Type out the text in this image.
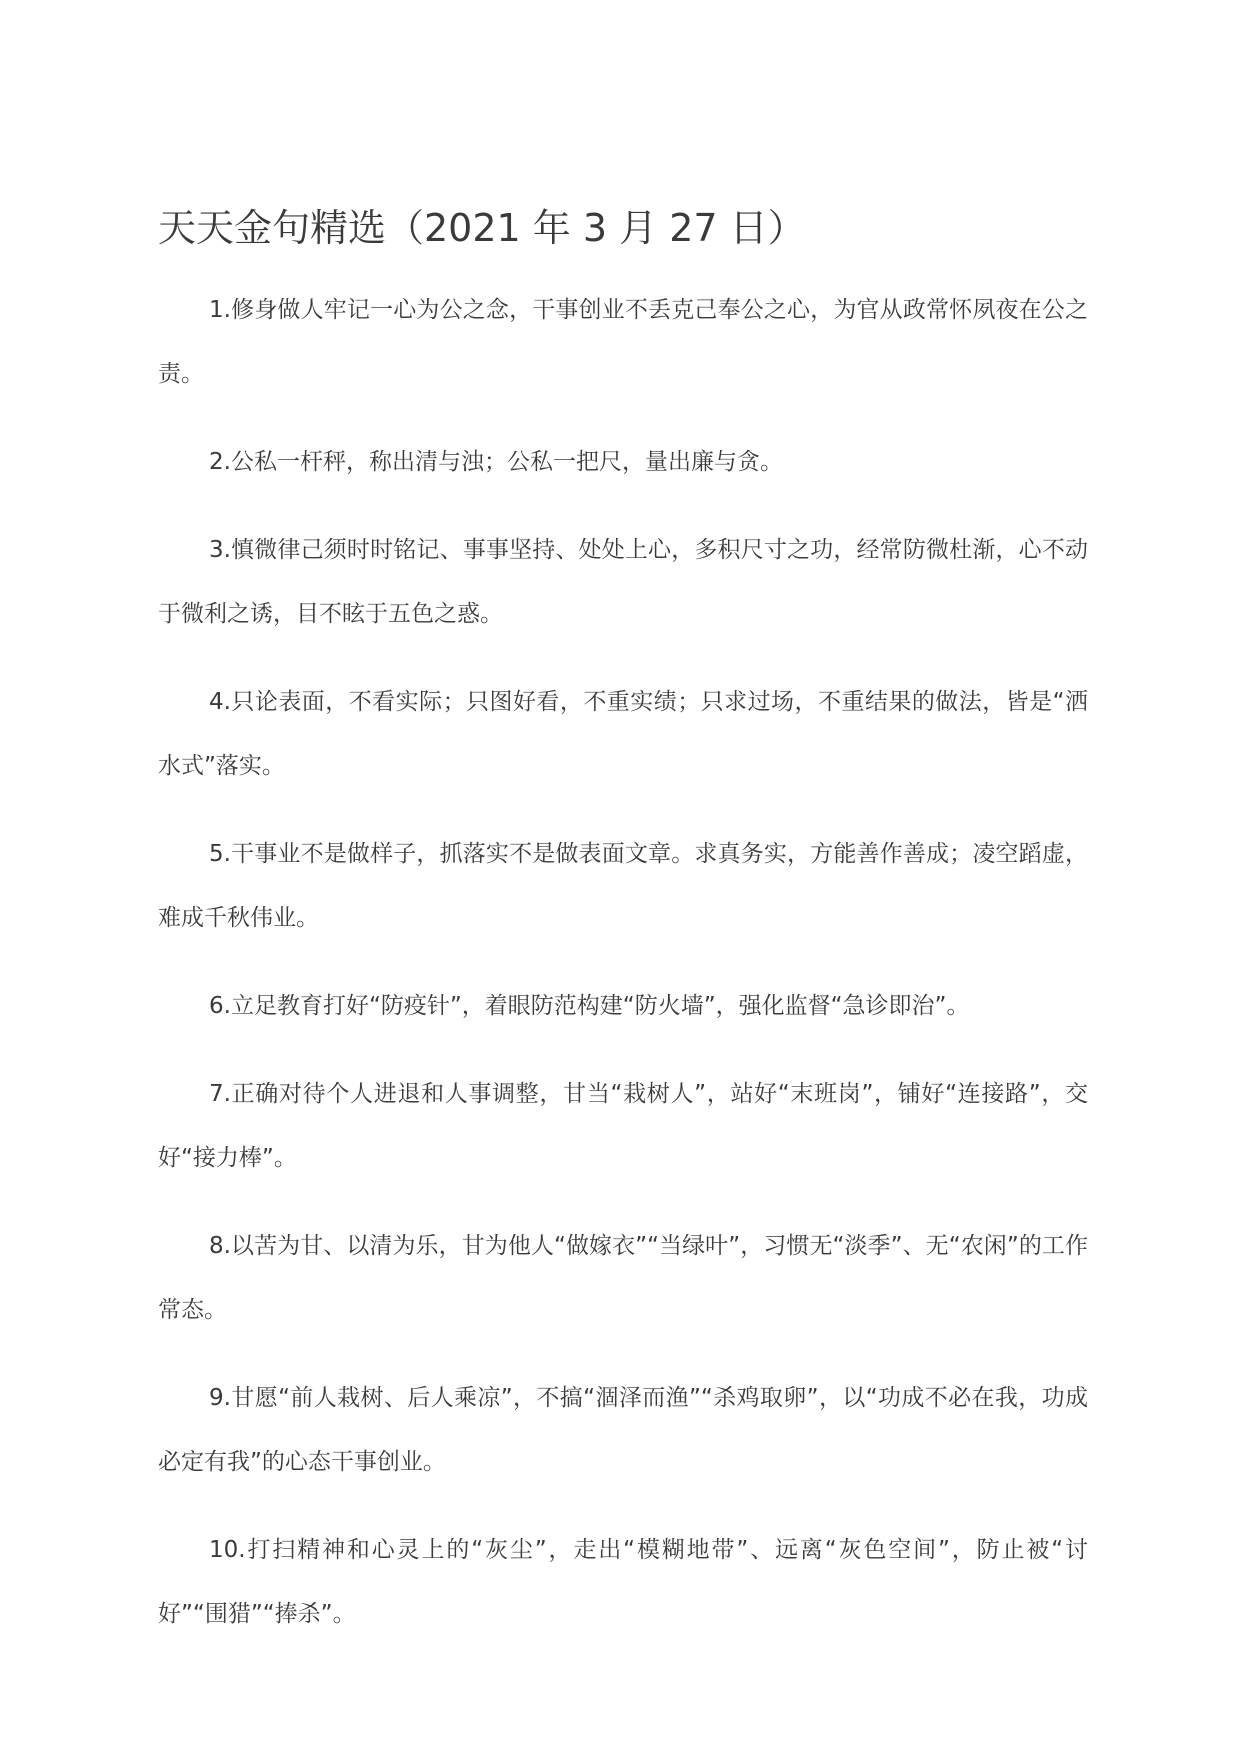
天天金句精选（2021 年 3 月 27 日）
1.修身做人牢记一心为公之念，干事创业不丢克己奉公之心，为官从政常怀夙夜在公之责。
2.公私一杆秤，称出清与浊；公私一把尺，量出廉与贪。
3.慎微律己须时时铭记、事事坚持、处处上心，多积尺寸之功，经常防微杜渐，心不动于微利之诱，目不眩于五色之惑。
4.只论表面，不看实际；只图好看，不重实绩；只求过场，不重结果的做法，皆是“洒水式”落实。
5.干事业不是做样子，抓落实不是做表面文章。求真务实，方能善作善成；凌空蹈虚，难成千秋伟业。
6.立足教育打好“防疫针”，着眼防范构建“防火墙”，强化监督“急诊即治”。
7.正确对待个人进退和人事调整，甘当“栽树人”，站好“末班岗”，铺好“连接路”，交好“接力棒”。
8.以苦为甘、以清为乐，甘为他人“做嫁衣”“当绿叶”，习惯无“淡季”、无“农闲”的工作常态。
9.甘愿“前人栽树、后人乘凉”，不搞“涸泽而渔”“杀鸡取卵”，以“功成不必在我，功成必定有我”的心态干事创业。
10.打扫精神和心灵上的“灰尘”，走出“模糊地带”、远离“灰色空间”，防止被“讨好”“围猎”“捧杀”。
